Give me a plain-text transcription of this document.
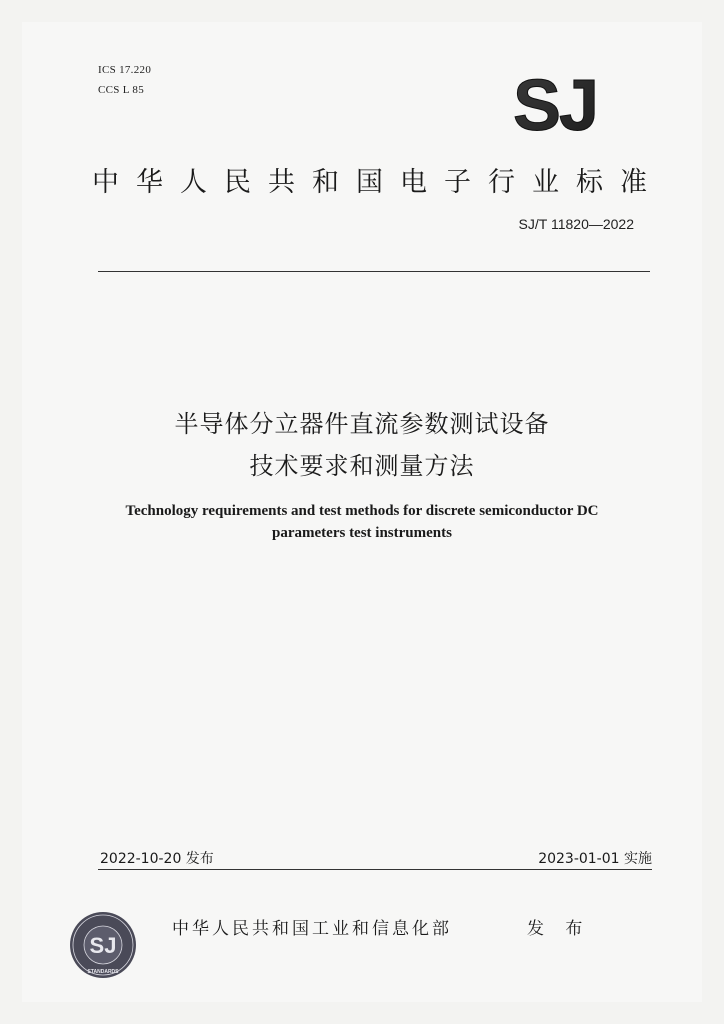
ICS 17.220
CCS L 85	SJ
中华人民共和国电子行业标准
SJ/T 11820—2022
半导体分立器件直流参数测试设备
技术要求和测量方法
Technology requirements and test methods for discrete semiconductor DC
parameters test instruments
2022-10-20 发布	2023-01-01 实施
SJ
STANDARDS
中华人民共和国工业和信息化部	发 布
